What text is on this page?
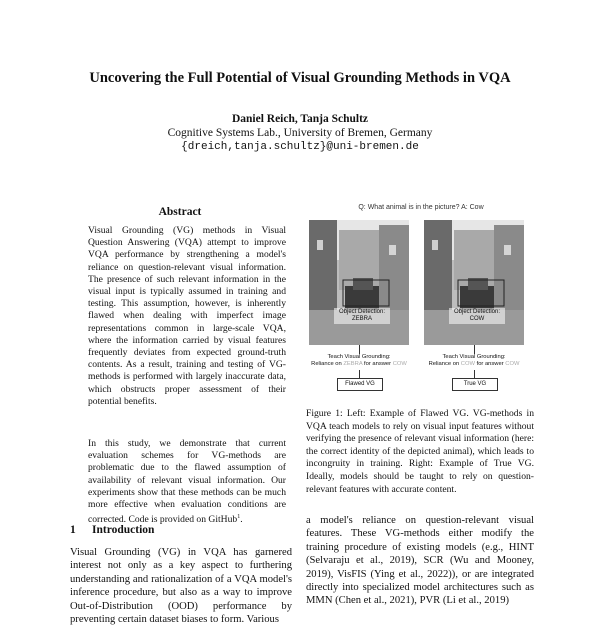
Uncovering the Full Potential of Visual Grounding Methods in VQA
Daniel Reich, Tanja Schultz
Cognitive Systems Lab., University of Bremen, Germany
{dreich,tanja.schultz}@uni-bremen.de
Abstract

Visual Grounding (VG) methods in Visual Question Answering (VQA) attempt to improve VQA performance by strengthening a model's reliance on question-relevant visual information. The presence of such relevant information in the visual input is typically assumed in training and testing. This assumption, however, is inherently flawed when dealing with imperfect image representations common in large-scale VQA, where the information carried by visual features frequently deviates from expected ground-truth contents. As a result, training and testing of VG-methods is performed with largely inaccurate data, which obstructs proper assessment of their potential benefits.

In this study, we demonstrate that current evaluation schemes for VG-methods are problematic due to the flawed assumption of availability of relevant visual information. Our experiments show that these methods can be much more effective when evaluation conditions are corrected. Code is provided on GitHub$^1$.

1 Introduction

Visual Grounding (VG) in VQA has garnered interest not only as a key aspect to furthering understanding and rationalization of a VQA model's inference procedure, but also as a way to improve Out-of-Distribution (OOD) performance by preventing certain dataset biases to form. Various

Q: What animal is in the picture? A: Cow
Object Detection: ZEBRA
Object Detection: COW
Teach Visual Grounding:
Reliance on ZEBRA for answer COW
Flawed VG
Teach Visual Grounding:
Reliance on COW for answer COW
True VG

Figure 1: Left: Example of Flawed VG. VG-methods in VQA teach models to rely on visual input features without verifying the presence of relevant visual information (here: the correct identity of the depicted animal), which leads to incongruity in training. Right: Example of True VG. Ideally, models should be taught to rely on question-relevant features with accurate content.

a model's reliance on question-relevant visual features. These VG-methods either modify the training procedure of existing models (e.g., HINT (Selvaraju et al., 2019), SCR (Wu and Mooney, 2019), VisFIS (Ying et al., 2022)), or are integrated directly into specialized model architectures such as MMN (Chen et al., 2021), PVR (Li et al., 2019)
